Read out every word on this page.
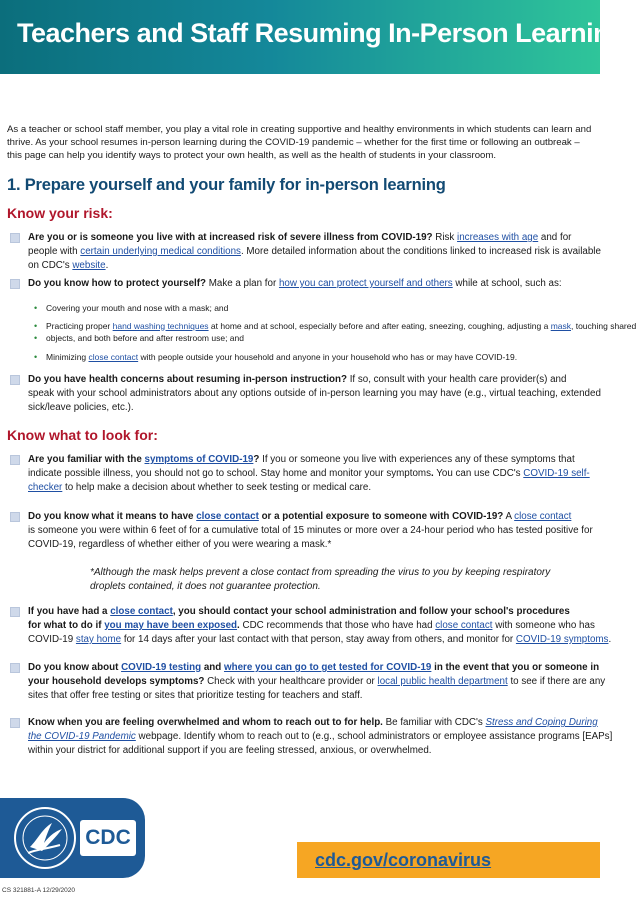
Teachers and Staff Resuming In-Person Learning
As a teacher or school staff member, you play a vital role in creating supportive and healthy environments in which students can learn and
thrive. As your school resumes in-person learning during the COVID-19 pandemic – whether for the first time or following an outbreak –
this page can help you identify ways to protect your own health, as well as the health of students in your classroom.
1. Prepare yourself and your family for in-person learning
Know your risk:
Are you or is someone you live with at increased risk of severe illness from COVID-19? Risk increases with age and for
people with certain underlying medical conditions. More detailed information about the conditions linked to increased risk is available
on CDC's website.
Do you know how to protect yourself? Make a plan for how you can protect yourself and others while at school, such as:
• Covering your mouth and nose with a mask; and
• Practicing proper hand washing techniques at home and at school, especially before and after eating, sneezing, coughing, adjusting a mask, touching shared
• objects, and both before and after restroom use; and
• Minimizing close contact with people outside your household and anyone in your household who has or may have COVID-19.
Do you have health concerns about resuming in-person instruction? If so, consult with your health care provider(s) and
speak with your school administrators about any options outside of in-person learning you may have (e.g., virtual teaching, extended
sick/leave policies, etc.).
Know what to look for:
Are you familiar with the symptoms of COVID-19? If you or someone you live with experiences any of these symptoms that
indicate possible illness, you should not go to school. Stay home and monitor your symptoms. You can use CDC's COVID-19 self-
checker to help make a decision about whether to seek testing or medical care.
Do you know what it means to have close contact or a potential exposure to someone with COVID-19? A close contact
is someone you were within 6 feet of for a cumulative total of 15 minutes or more over a 24-hour period who has tested positive for
COVID-19, regardless of whether either of you were wearing a mask.*
*Although the mask helps prevent a close contact from spreading the virus to you by keeping respiratory
droplets contained, it does not guarantee protection.
If you have had a close contact, you should contact your school administration and follow your school's procedures
for what to do if you may have been exposed. CDC recommends that those who have had close contact with someone who has
COVID-19 stay home for 14 days after your last contact with that person, stay away from others, and monitor for COVID-19 symptoms.
Do you know about COVID-19 testing and where you can go to get tested for COVID-19 in the event that you or someone in
your household develops symptoms? Check with your healthcare provider or local public health department to see if there are any
sites that offer free testing or sites that prioritize testing for teachers and staff.
Know when you are feeling overwhelmed and whom to reach out to for help. Be familiar with CDC's Stress and Coping During
the COVID-19 Pandemic webpage. Identify whom to reach out to (e.g., school administrators or employee assistance programs [EAPs]
within your district for additional support if you are feeling stressed, anxious, or overwhelmed.
CDC
cdc.gov/coronavirus
CS 321881-A 12/29/2020
